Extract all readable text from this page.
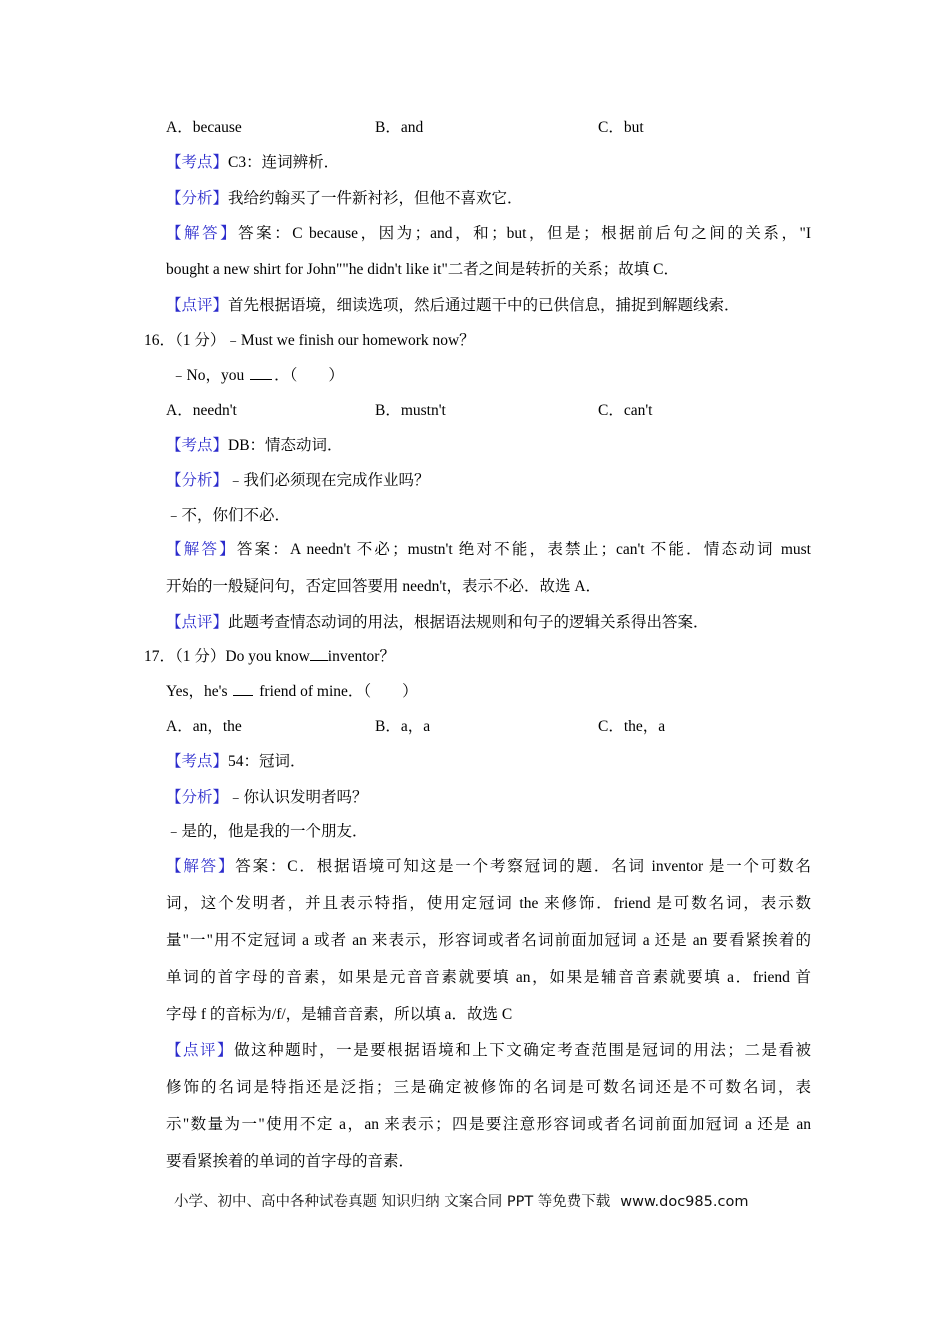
A．because	B．and	C．but
【考点】C3：连词辨析．
【分析】我给约翰买了一件新衬衫，但他不喜欢它．
【解答】答案：C because，因为；and，和；but，但是；根据前后句之间的关系，"I
bought a new shirt for John""he didn't like it"二者之间是转折的关系；故填 C．
【点评】首先根据语境，细读选项，然后通过题干中的已供信息，捕捉到解题线索．
16．（1 分）﹣Must we finish our homework now？
﹣No，you ．（　　）
A．needn't	B．mustn't	C．can't
【考点】DB：情态动词．
【分析】﹣我们必须现在完成作业吗？
﹣不，你们不必．
【解答】答案：A needn't 不必；mustn't 绝对不能，表禁止；can't 不能．情态动词 must
开始的一般疑问句，否定回答要用 needn't，表示不必．故选 A．
【点评】此题考查情态动词的用法，根据语法规则和句子的逻辑关系得出答案．
17．（1 分）Do you know inventor？
Yes，he's  friend of mine．（　　）
A．an，the	B．a，a	C．the，a
【考点】54：冠词．
【分析】﹣你认识发明者吗？
﹣是的，他是我的一个朋友．
【解答】答案：C．根据语境可知这是一个考察冠词的题．名词 inventor 是一个可数名
词，这个发明者，并且表示特指，使用定冠词 the 来修饰．friend 是可数名词，表示数
量"一"用不定冠词 a 或者 an 来表示，形容词或者名词前面加冠词 a 还是 an 要看紧挨着的
单词的首字母的音素，如果是元音音素就要填 an，如果是辅音音素就要填 a．friend 首
字母 f 的音标为/f/，是辅音音素，所以填 a．故选 C
【点评】做这种题时，一是要根据语境和上下文确定考查范围是冠词的用法；二是看被
修饰的名词是特指还是泛指；三是确定被修饰的名词是可数名词还是不可数名词，表
示"数量为一"使用不定 a，an 来表示；四是要注意形容词或者名词前面加冠词 a 还是 an
要看紧挨着的单词的首字母的音素．
小学、初中、高中各种试卷真题 知识归纳 文案合同 PPT 等免费下载 www.doc985.com
